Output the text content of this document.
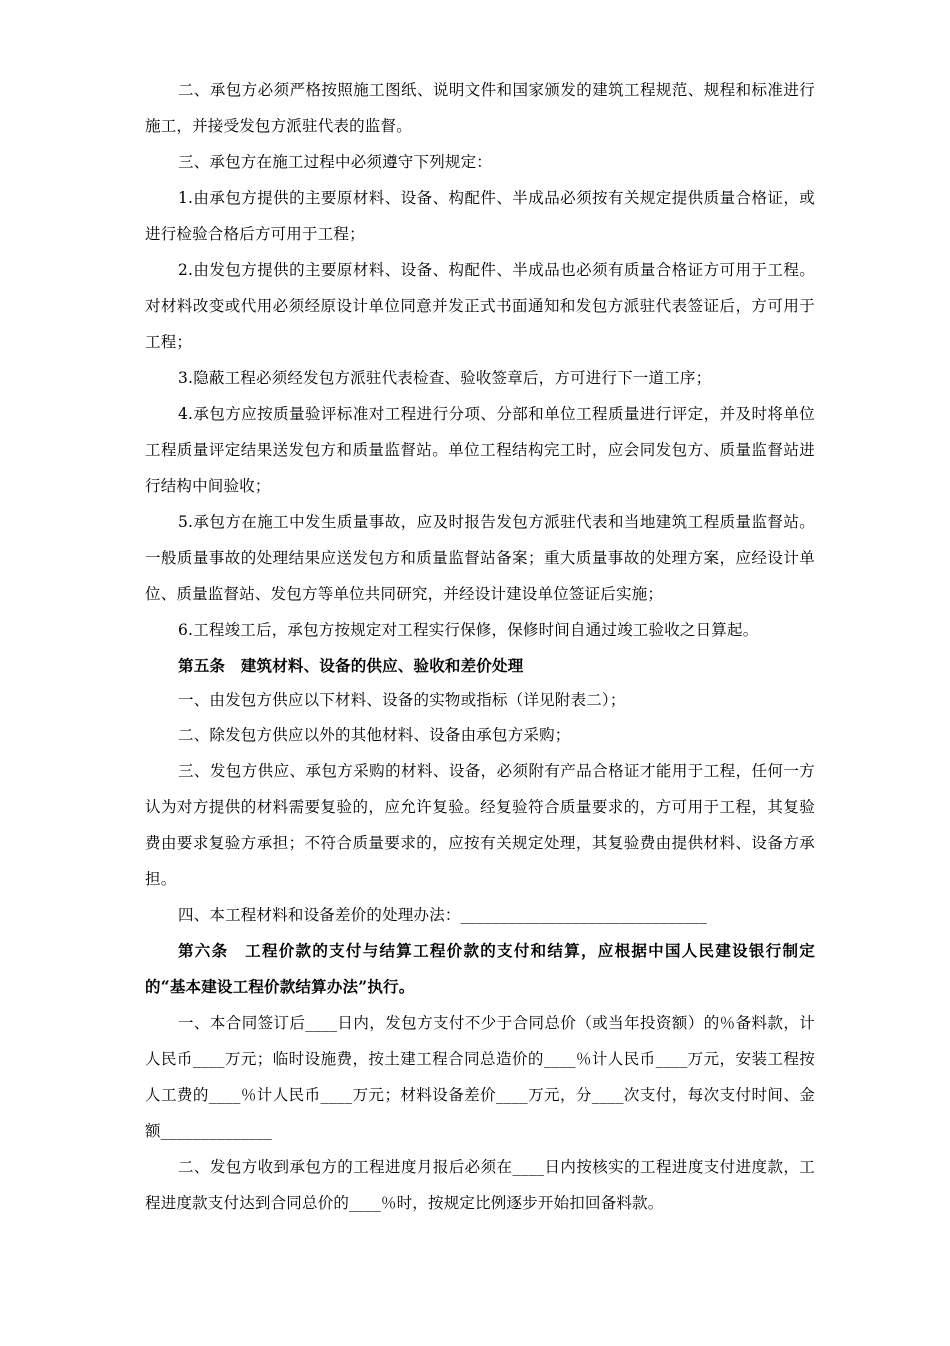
二、承包方必须严格按照施工图纸、说明文件和国家颁发的建筑工程规范、规程和标准进行施工，并接受发包方派驻代表的监督。

三、承包方在施工过程中必须遵守下列规定：

1.由承包方提供的主要原材料、设备、构配件、半成品必须按有关规定提供质量合格证，或进行检验合格后方可用于工程；

2.由发包方提供的主要原材料、设备、构配件、半成品也必须有质量合格证方可用于工程。对材料改变或代用必须经原设计单位同意并发正式书面通知和发包方派驻代表签证后，方可用于工程；

3.隐蔽工程必须经发包方派驻代表检查、验收签章后，方可进行下一道工序；

4.承包方应按质量验评标准对工程进行分项、分部和单位工程质量进行评定，并及时将单位工程质量评定结果送发包方和质量监督站。单位工程结构完工时，应会同发包方、质量监督站进行结构中间验收；

5.承包方在施工中发生质量事故，应及时报告发包方派驻代表和当地建筑工程质量监督站。一般质量事故的处理结果应送发包方和质量监督站备案；重大质量事故的处理方案，应经设计单位、质量监督站、发包方等单位共同研究，并经设计建设单位签证后实施；

6.工程竣工后，承包方按规定对工程实行保修，保修时间自通过竣工验收之日算起。

第五条　建筑材料、设备的供应、验收和差价处理

一、由发包方供应以下材料、设备的实物或指标（详见附表二）；

二、除发包方供应以外的其他材料、设备由承包方采购；

三、发包方供应、承包方采购的材料、设备，必须附有产品合格证才能用于工程，任何一方认为对方提供的材料需要复验的，应允许复验。经复验符合质量要求的，方可用于工程，其复验费由要求复验方承担；不符合质量要求的，应按有关规定处理，其复验费由提供材料、设备方承担。

四、本工程材料和设备差价的处理办法：_______________________________

第六条　工程价款的支付与结算工程价款的支付和结算，应根据中国人民建设银行制定的“基本建设工程价款结算办法”执行。

一、本合同签订后____日内，发包方支付不少于合同总价（或当年投资额）的％备料款，计人民币____万元；临时设施费，按土建工程合同总造价的____％计人民币____万元，安装工程按人工费的____％计人民币____万元；材料设备差价____万元，分____次支付，每次支付时间、金额______________

二、发包方收到承包方的工程进度月报后必须在____日内按核实的工程进度支付进度款，工程进度款支付达到合同总价的____％时，按规定比例逐步开始扣回备料款。
